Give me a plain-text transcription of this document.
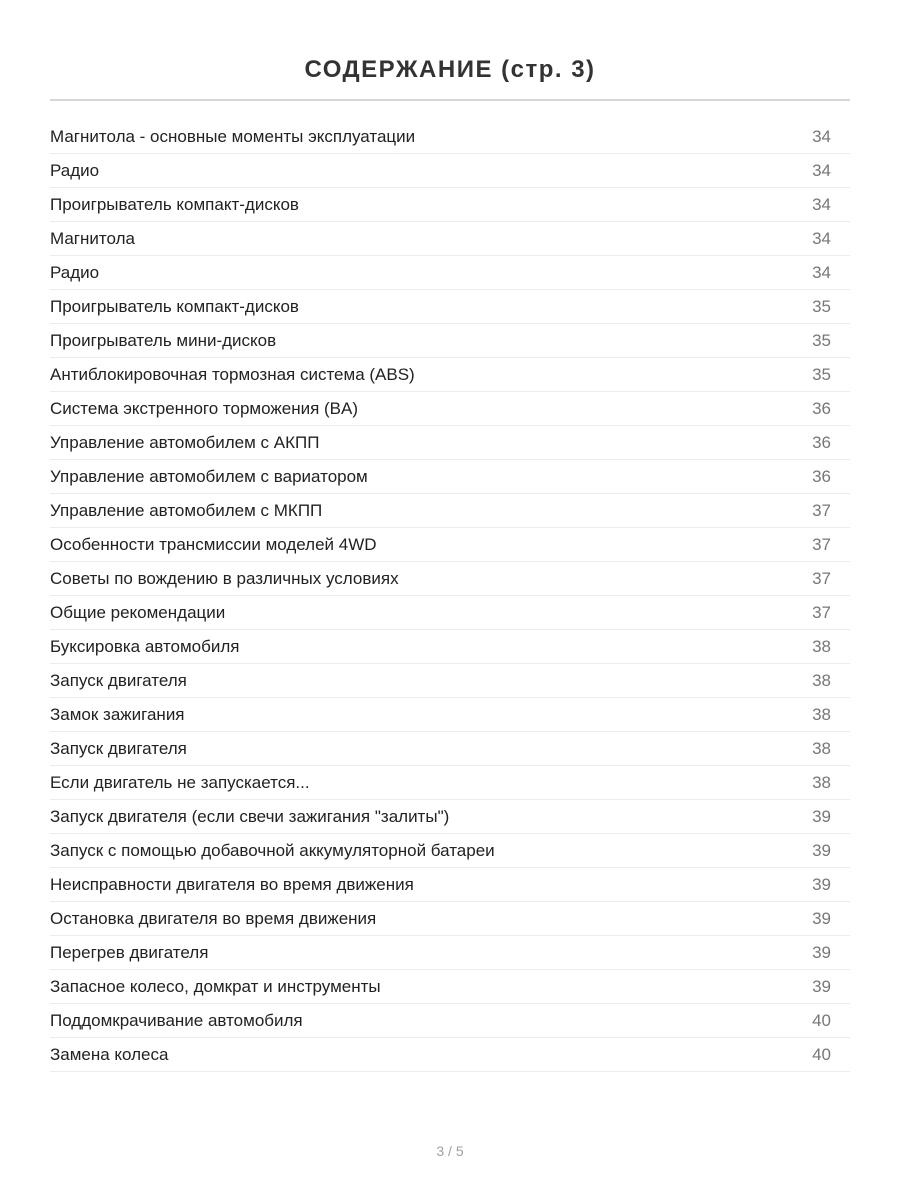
СОДЕРЖАНИЕ (стр. 3)
Магнитола - основные моменты эксплуатации	34
Радио	34
Проигрыватель компакт-дисков	34
Магнитола	34
Радио	34
Проигрыватель компакт-дисков	35
Проигрыватель мини-дисков	35
Антиблокировочная тормозная система (ABS)	35
Система экстренного торможения (BA)	36
Управление автомобилем с АКПП	36
Управление автомобилем с вариатором	36
Управление автомобилем с МКПП	37
Особенности трансмиссии моделей 4WD	37
Советы по вождению в различных условиях	37
Общие рекомендации	37
Буксировка автомобиля	38
Запуск двигателя	38
Замок зажигания	38
Запуск двигателя	38
Если двигатель не запускается...	38
Запуск двигателя (если свечи зажигания "залиты")	39
Запуск с помощью добавочной аккумуляторной батареи	39
Неисправности двигателя во время движения	39
Остановка двигателя во время движения	39
Перегрев двигателя	39
Запасное колесо, домкрат и инструменты	39
Поддомкрачивание автомобиля	40
Замена колеса	40
3 / 5
